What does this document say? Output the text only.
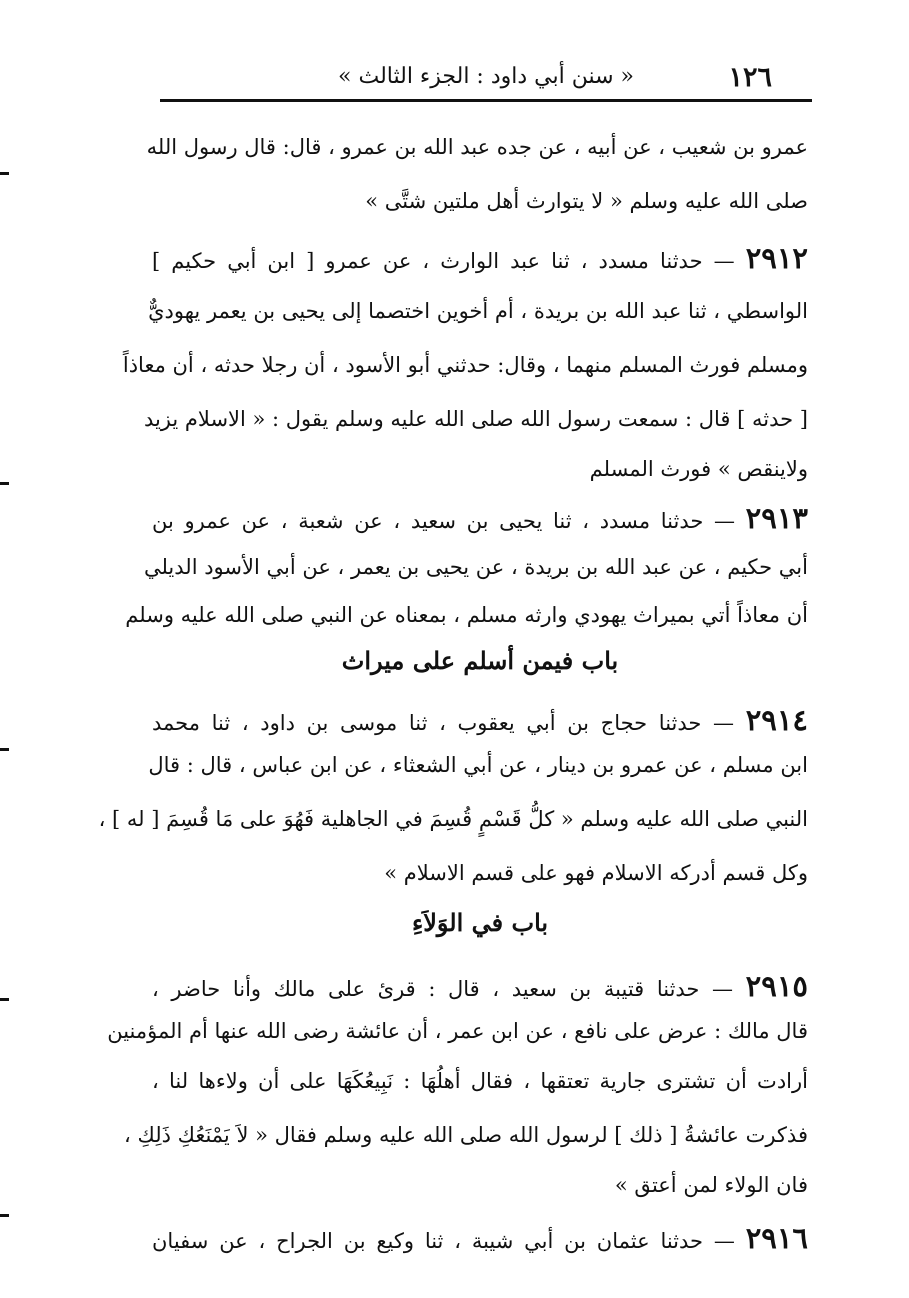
١٢٦
« سنن أبي داود : الجزء الثالث »
عمرو بن شعيب ، عن أبيه ، عن جده عبد الله بن عمرو ، قال: قال رسول الله
صلى الله عليه وسلم « لا يتوارث أهل ملتين شتَّى »
٢٩١٢ — حدثنا مسدد ، ثنا عبد الوارث ، عن عمرو [ ابن أبي حكيم ]
الواسطي ، ثنا عبد الله بن بريدة ، أم أخوين اختصما إلى يحيى بن يعمر يهوديٌّ
ومسلم فورث المسلم منهما ، وقال: حدثني أبو الأسود ، أن رجلا حدثه ، أن معاذاً
[ حدثه ] قال : سمعت رسول الله صلى الله عليه وسلم يقول : « الاسلام يزيد
ولاينقص » فورث المسلم
٢٩١٣ — حدثنا مسدد ، ثنا يحيى بن سعيد ، عن شعبة ، عن عمرو بن
أبي حكيم ، عن عبد الله بن بريدة ، عن يحيى بن يعمر ، عن أبي الأسود الديلي
أن معاذاً أتي بميراث يهودي وارثه مسلم ، بمعناه عن النبي صلى الله عليه وسلم
باب فيمن أسلم على ميراث
٢٩١٤ — حدثنا حجاج بن أبي يعقوب ، ثنا موسى بن داود ، ثنا محمد
ابن مسلم ، عن عمرو بن دينار ، عن أبي الشعثاء ، عن ابن عباس ، قال : قال
النبي صلى الله عليه وسلم « كلُّ قَسْمٍ قُسِمَ في الجاهلية فَهُوَ على مَا قُسِمَ [ له ] ،
وكل قسم أدركه الاسلام فهو على قسم الاسلام »
باب في الوَلاَءِ
٢٩١٥ — حدثنا قتيبة بن سعيد ، قال : قرئ على مالك وأنا حاضر ،
قال مالك : عرض على نافع ، عن ابن عمر ، أن عائشة رضى الله عنها أم المؤمنين
أرادت أن تشترى جارية تعتقها ، فقال أهلُهَا : نَبِيعُكَهَا على أن ولاءها لنا ،
فذكرت عائشةُ [ ذلك ] لرسول الله صلى الله عليه وسلم فقال « لاَ يَمْنَعُكِ ذَلِكِ ،
فان الولاء لمن أعتق »
٢٩١٦ — حدثنا عثمان بن أبي شيبة ، ثنا وكيع بن الجراح ، عن سفيان
